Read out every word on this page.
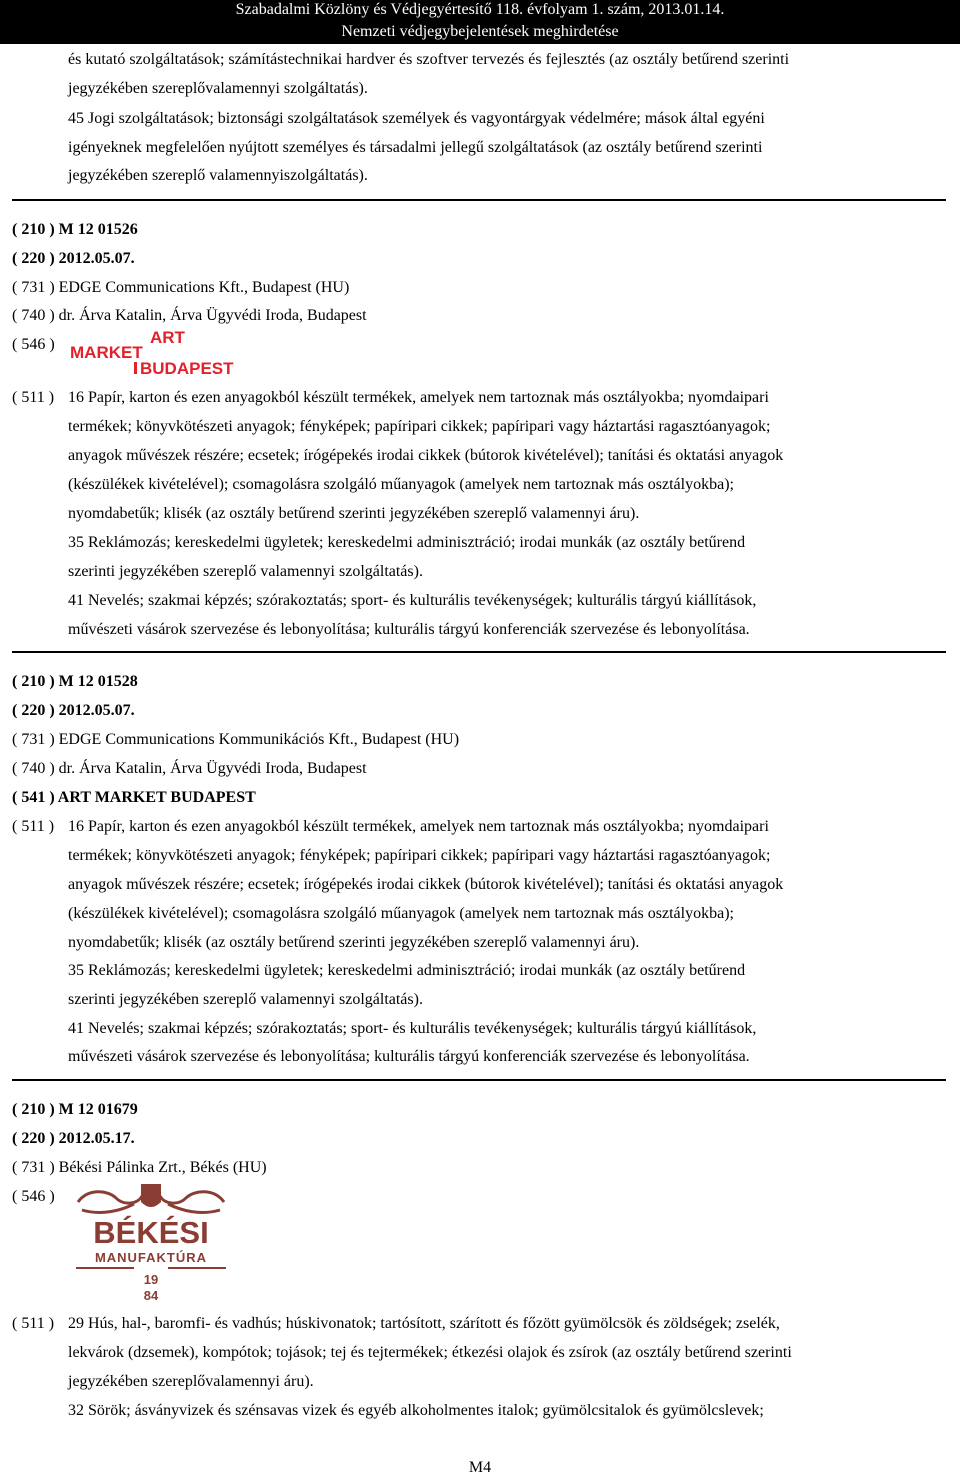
Szabadalmi Közlöny és Védjegyértesítő 118. évfolyam 1. szám, 2013.01.14.
Nemzeti védjegybejelentések meghirdetése
és kutató szolgáltatások; számítástechnikai hardver és szoftver tervezés és fejlesztés (az osztály betűrend szerinti
jegyzékében szereplővalamennyi szolgáltatás).
45 Jogi szolgáltatások; biztonsági szolgáltatások személyek és vagyontárgyak védelmére; mások által egyéni
igényeknek megfelelően nyújtott személyes és társadalmi jellegű szolgáltatások (az osztály betűrend szerinti
jegyzékében szereplő valamennyiszolgáltatás).
( 210 ) M 12 01526
( 220 ) 2012.05.07.
( 731 ) EDGE Communications Kft., Budapest (HU)
( 740 ) dr. Árva Katalin, Árva Ügyvédi Iroda, Budapest
( 546 )	ART
MARKET
BUDAPEST
( 511 ) 16 Papír, karton és ezen anyagokból készült termékek, amelyek nem tartoznak más osztályokba; nyomdaipari
termékek; könyvkötészeti anyagok; fényképek; papíripari cikkek; papíripari vagy háztartási ragasztóanyagok;
anyagok művészek részére; ecsetek; írógépekés irodai cikkek (bútorok kivételével); tanítási és oktatási anyagok
(készülékek kivételével); csomagolásra szolgáló műanyagok (amelyek nem tartoznak más osztályokba);
nyomdabetűk; klisék (az osztály betűrend szerinti jegyzékében szereplő valamennyi áru).
35 Reklámozás; kereskedelmi ügyletek; kereskedelmi adminisztráció; irodai munkák (az osztály betűrend
szerinti jegyzékében szereplő valamennyi szolgáltatás).
41 Nevelés; szakmai képzés; szórakoztatás; sport- és kulturális tevékenységek; kulturális tárgyú kiállítások,
művészeti vásárok szervezése és lebonyolítása; kulturális tárgyú konferenciák szervezése és lebonyolítása.
( 210 ) M 12 01528
( 220 ) 2012.05.07.
( 731 ) EDGE Communications Kommunikációs Kft., Budapest (HU)
( 740 ) dr. Árva Katalin, Árva Ügyvédi Iroda, Budapest
( 541 ) ART MARKET BUDAPEST
( 511 ) 16 Papír, karton és ezen anyagokból készült termékek, amelyek nem tartoznak más osztályokba; nyomdaipari
termékek; könyvkötészeti anyagok; fényképek; papíripari cikkek; papíripari vagy háztartási ragasztóanyagok;
anyagok művészek részére; ecsetek; írógépekés irodai cikkek (bútorok kivételével); tanítási és oktatási anyagok
(készülékek kivételével); csomagolásra szolgáló műanyagok (amelyek nem tartoznak más osztályokba);
nyomdabetűk; klisék (az osztály betűrend szerinti jegyzékében szereplő valamennyi áru).
35 Reklámozás; kereskedelmi ügyletek; kereskedelmi adminisztráció; irodai munkák (az osztály betűrend
szerinti jegyzékében szereplő valamennyi szolgáltatás).
41 Nevelés; szakmai képzés; szórakoztatás; sport- és kulturális tevékenységek; kulturális tárgyú kiállítások,
művészeti vásárok szervezése és lebonyolítása; kulturális tárgyú konferenciák szervezése és lebonyolítása.
( 210 ) M 12 01679
( 220 ) 2012.05.17.
( 731 ) Békési Pálinka Zrt., Békés (HU)
( 546 )
BÉKÉSI
MANUFAKTÚRA
19
84
( 511 ) 29 Hús, hal-, baromfi- és vadhús; húskivonatok; tartósított, szárított és főzött gyümölcsök és zöldségek; zselék,
lekvárok (dzsemek), kompótok; tojások; tej és tejtermékek; étkezési olajok és zsírok (az osztály betűrend szerinti
jegyzékében szereplővalamennyi áru).
32 Sörök; ásványvizek és szénsavas vizek és egyéb alkoholmentes italok; gyümölcsitalok és gyümölcslevek;
M4
